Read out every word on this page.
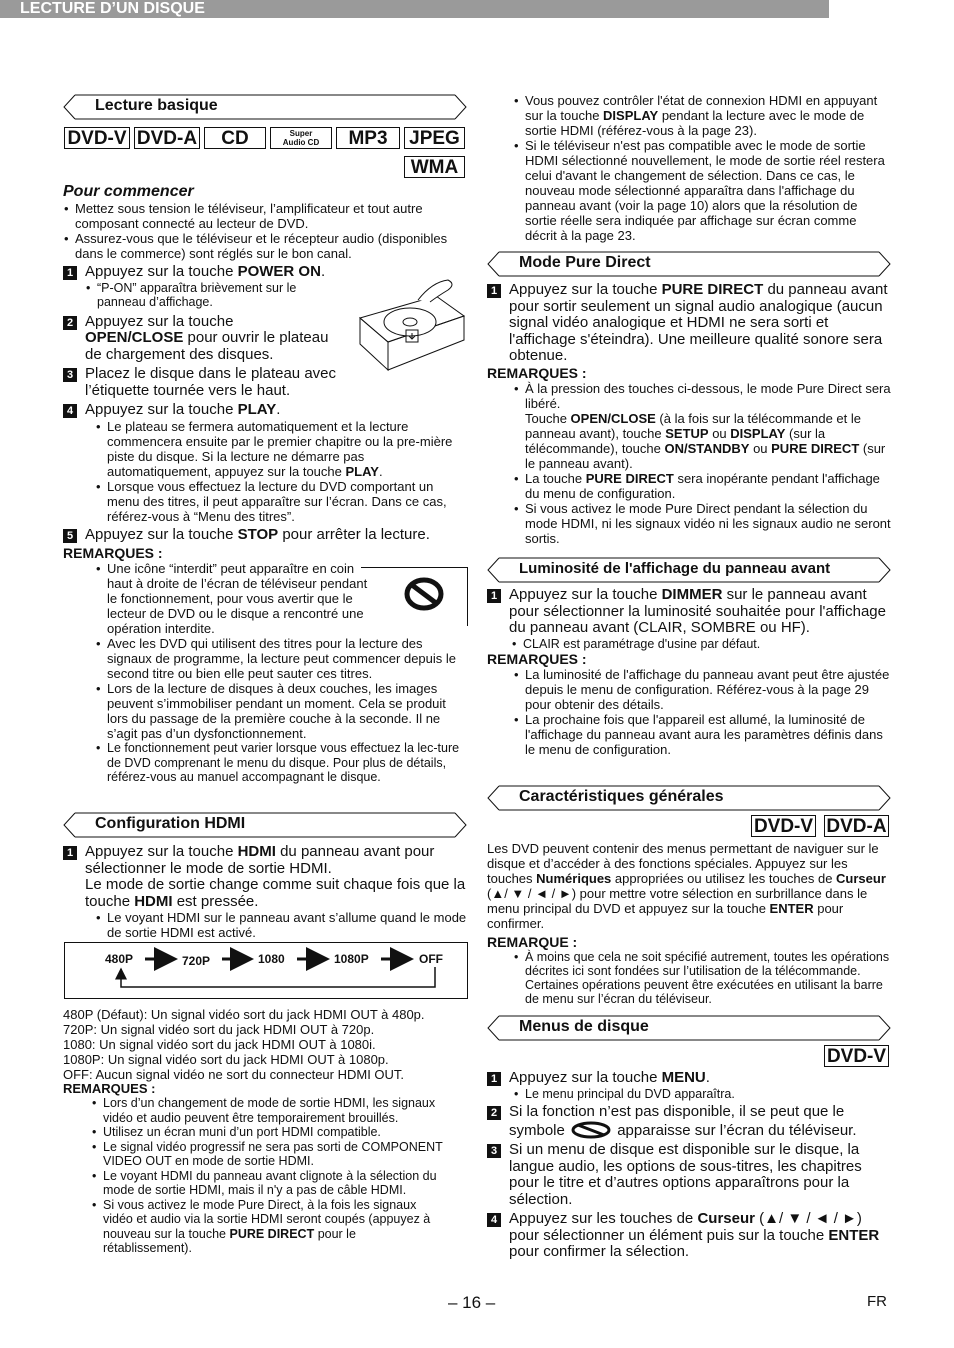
LECTURE D’UN DISQUE
Lecture basique
DVD-V DVD-A	CD	Super
Audio CD	MP3	JPEG
WMA
Pour commencer
• Mettez sous tension le téléviseur, l’amplificateur et tout autre composant connecté au lecteur de DVD.
• Assurez-vous que le téléviseur et le récepteur audio (disponibles dans le commerce) sont réglés sur le bon canal.
1 Appuyez sur la touche POWER ON.
• “P-ON” apparaîtra brièvement sur le panneau d’affichage.
2 Appuyez sur la touche
OPEN/CLOSE pour ouvrir le plateau de chargement des disques.
3 Placez le disque dans le plateau avec l’étiquette tournée vers le haut.
4 Appuyez sur la touche PLAY.
• Le plateau se fermera automatiquement et la lecture commencera ensuite par le premier chapitre ou la pre-mière piste du disque. Si la lecture ne démarre pas automatiquement, appuyez sur la touche PLAY.
• Lorsque vous effectuez la lecture du DVD comportant un menu des titres, il peut apparaître sur l’écran. Dans ce cas, référez-vous à “Menu des titres”.
5 Appuyez sur la touche STOP pour arrêter la lecture.
REMARQUES :
• Une icône “interdit” peut apparaître en coin haut à droite de l’écran de téléviseur pendant le fonctionnement, pour vous avertir que le lecteur de DVD ou le disque a rencontré une opération interdite.
• Avec les DVD qui utilisent des titres pour la lecture des signaux de programme, la lecture peut commencer depuis le second titre ou bien elle peut sauter ces titres.
• Lors de la lecture de disques à deux couches, les images peuvent s’immobiliser pendant un moment. Cela se produit lors du passage de la première couche à la seconde. Il ne s’agit pas d’un dysfonctionnement.
• Le fonctionnement peut varier lorsque vous effectuez la lec-ture de DVD comprenant le menu du disque. Pour plus de détails, référez-vous au manuel accompagnant le disque.
Configuration HDMI
1 Appuyez sur la touche HDMI du panneau avant pour sélectionner le mode de sortie HDMI.
Le mode de sortie change comme suit chaque fois que la touche HDMI est pressée.
• Le voyant HDMI sur le panneau avant s’allume quand le mode de sortie HDMI est activé.
480P	720P	1080	1080P	OFF
480P (Défaut): Un signal vidéo sort du jack HDMI OUT à 480p.
720P: Un signal vidéo sort du jack HDMI OUT à 720p.
1080: Un signal vidéo sort du jack HDMI OUT à 1080i.
1080P: Un signal vidéo sort du jack HDMI OUT à 1080p.
OFF: Aucun signal vidéo ne sort du connecteur HDMI OUT.
REMARQUES :
• Lors d’un changement de mode de sortie HDMI, les signaux vidéo et audio peuvent être temporairement brouillés.
• Utilisez un écran muni d’un port HDMI compatible.
• Le signal vidéo progressif ne sera pas sorti de COMPONENT VIDEO OUT en mode de sortie HDMI.
• Le voyant HDMI du panneau avant clignote à la sélection du mode de sortie HDMI, mais il n'y a pas de câble HDMI.
• Si vous activez le mode Pure Direct, à la fois les signaux vidéo et audio via la sortie HDMI seront coupés (appuyez à nouveau sur la touche PURE DIRECT pour le rétablissement).
• Vous pouvez contrôler l'état de connexion HDMI en appuyant sur la touche DISPLAY pendant la lecture avec le mode de sortie HDMI (référez-vous à la page 23).
• Si le téléviseur n'est pas compatible avec le mode de sortie HDMI sélectionné nouvellement, le mode de sortie réel restera celui d'avant le changement de sélection. Dans ce cas, le nouveau mode sélectionné apparaîtra dans l'affichage du panneau avant (voir la page 10) alors que la résolution de sortie réelle sera indiquée par affichage sur écran comme décrit à la page 23.
Mode Pure Direct
1 Appuyez sur la touche PURE DIRECT du panneau avant pour sortir seulement un signal audio analogique (aucun signal vidéo analogique et HDMI ne sera sorti et l'affichage s'éteindra). Une meilleure qualité sonore sera obtenue.
REMARQUES :
• À la pression des touches ci-dessous, le mode Pure Direct sera libéré.
Touche OPEN/CLOSE (à la fois sur la télécommande et le panneau avant), touche SETUP ou DISPLAY (sur la télécommande), touche ON/STANDBY ou PURE DIRECT (sur le panneau avant).
• La touche PURE DIRECT sera inopérante pendant l'affichage du menu de configuration.
• Si vous activez le mode Pure Direct pendant la sélection du mode HDMI, ni les signaux vidéo ni les signaux audio ne seront sortis.
Luminosité de l'affichage du panneau avant
1 Appuyez sur la touche DIMMER sur le panneau avant pour sélectionner la luminosité souhaitée pour l'affichage du panneau avant (CLAIR, SOMBRE ou HF).
• CLAIR est paramétrage d'usine par défaut.
REMARQUES :
• La luminosité de l'affichage du panneau avant peut être ajustée depuis le menu de configuration. Référez-vous à la page 29 pour obtenir des détails.
• La prochaine fois que l'appareil est allumé, la luminosité de l'affichage du panneau avant aura les paramètres définis dans le menu de configuration.
Caractéristiques générales
DVD-V DVD-A
Les DVD peuvent contenir des menus permettant de naviguer sur le disque et d’accéder à des fonctions spéciales. Appuyez sur les touches Numériques appropriées ou utilisez les touches de Curseur (▲/ ▼ / ◄ / ►) pour mettre votre sélection en surbrillance dans le menu principal du DVD et appuyez sur la touche ENTER pour confirmer.
REMARQUE :
• À moins que cela ne soit spécifié autrement, toutes les opérations décrites ici sont fondées sur l’utilisation de la télécommande. Certaines opérations peuvent être exécutées en utilisant la barre de menu sur l’écran du téléviseur.
Menus de disque
DVD-V
1 Appuyez sur la touche MENU.
• Le menu principal du DVD apparaîtra.
2 Si la fonction n’est pas disponible, il se peut que le symbole	apparaisse sur l’écran du téléviseur.
3 Si un menu de disque est disponible sur le disque, la langue audio, les options de sous-titres, les chapitres pour le titre et d’autres options apparaîtrons pour la sélection.
4 Appuyez sur les touches de Curseur (▲/ ▼ / ◄ / ►) pour sélectionner un élément puis sur la touche ENTER pour confirmer la sélection.
– 16 –	FR
